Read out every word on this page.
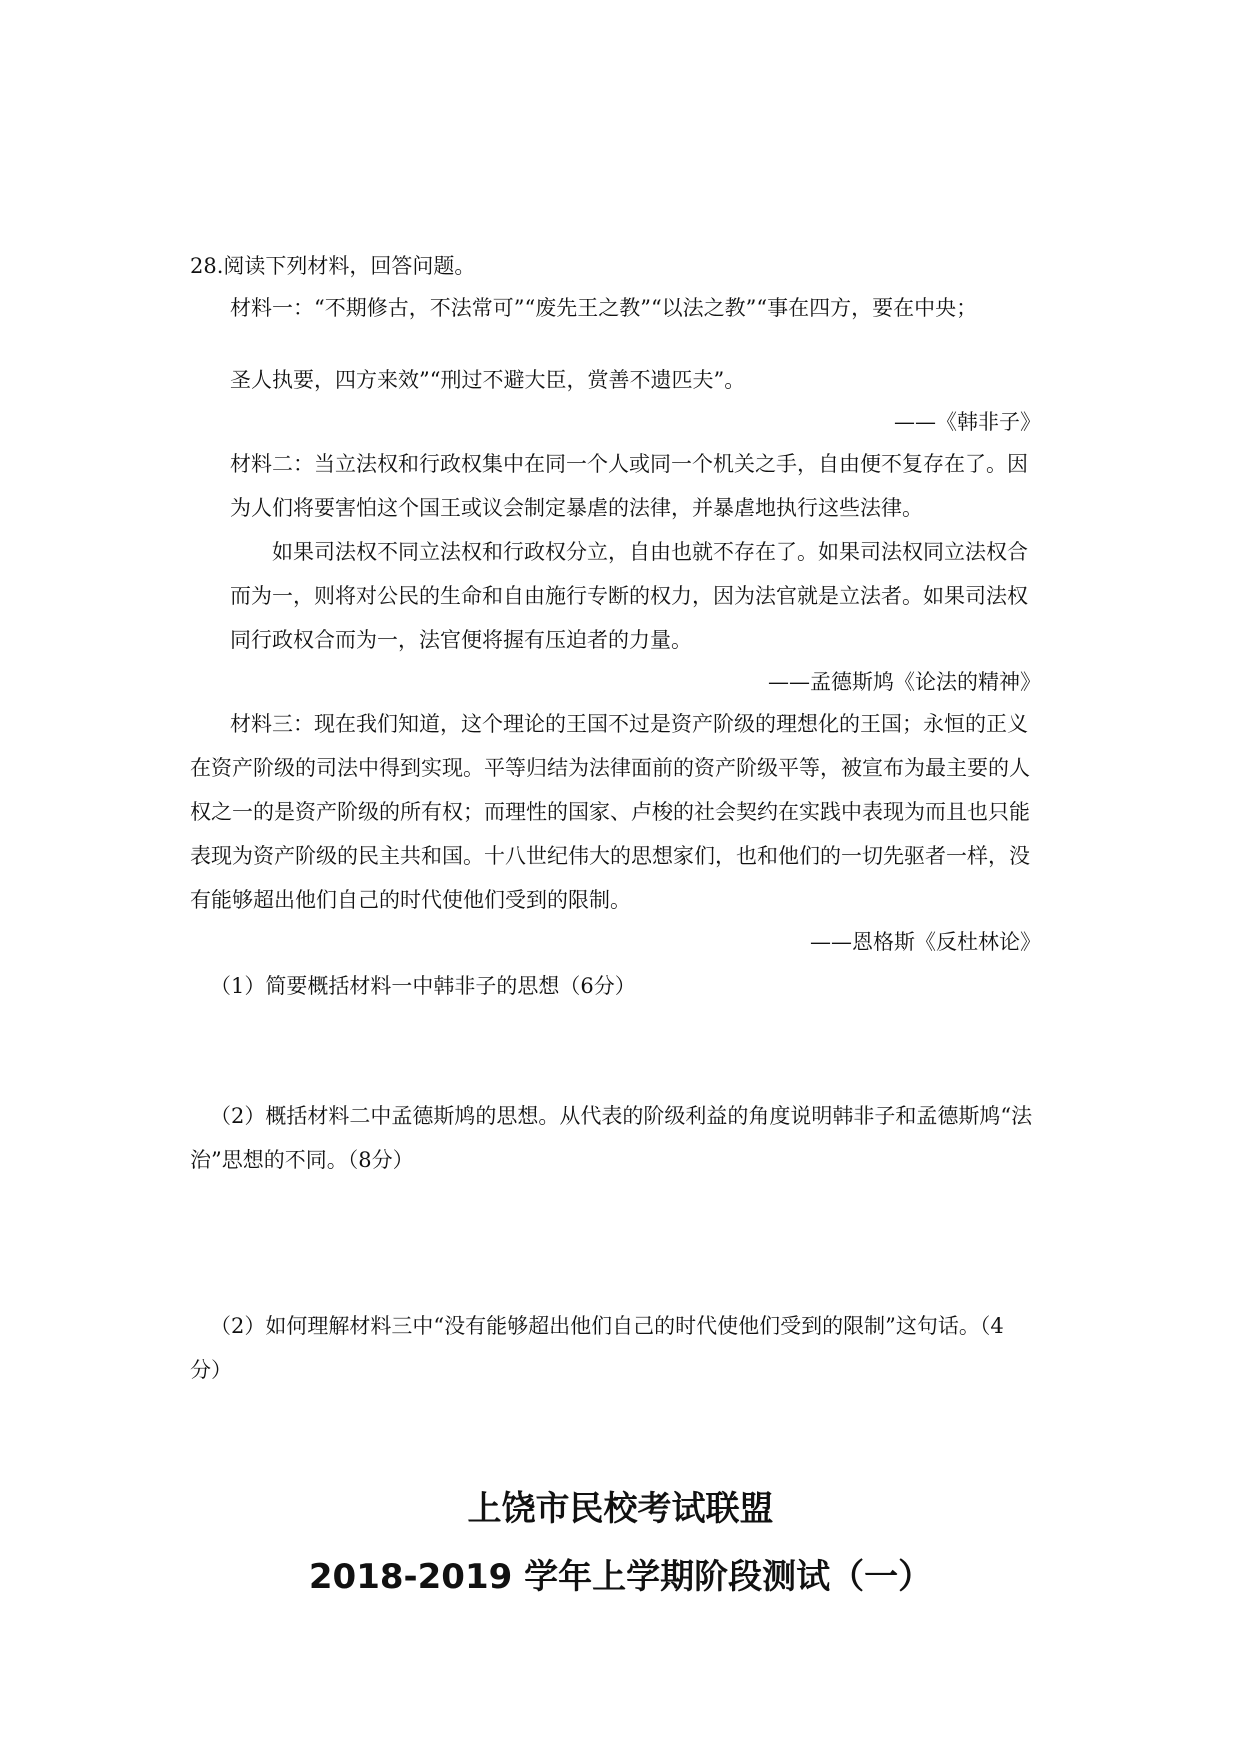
28.阅读下列材料，回答问题。
材料一：“不期修古，不法常可”“废先王之教”“以法之教”“事在四方，要在中央；
圣人执要，四方来效”“刑过不避大臣，赏善不遗匹夫”。
——《韩非子》
材料二：当立法权和行政权集中在同一个人或同一个机关之手，自由便不复存在了。因
为人们将要害怕这个国王或议会制定暴虐的法律，并暴虐地执行这些法律。
如果司法权不同立法权和行政权分立，自由也就不存在了。如果司法权同立法权合
而为一，则将对公民的生命和自由施行专断的权力，因为法官就是立法者。如果司法权
同行政权合而为一，法官便将握有压迫者的力量。
——孟德斯鸠《论法的精神》
材料三：现在我们知道，这个理论的王国不过是资产阶级的理想化的王国；永恒的正义
在资产阶级的司法中得到实现。平等归结为法律面前的资产阶级平等，被宣布为最主要的人
权之一的是资产阶级的所有权；而理性的国家、卢梭的社会契约在实践中表现为而且也只能
表现为资产阶级的民主共和国。十八世纪伟大的思想家们，也和他们的一切先驱者一样，没
有能够超出他们自己的时代使他们受到的限制。
——恩格斯《反杜林论》
（1）简要概括材料一中韩非子的思想（6分）
（2）概括材料二中孟德斯鸠的思想。从代表的阶级利益的角度说明韩非子和孟德斯鸠“法
治”思想的不同。（8分）
（2）如何理解材料三中“没有能够超出他们自己的时代使他们受到的限制”这句话。（4
分）
上饶市民校考试联盟
2018-2019 学年上学期阶段测试（一）
